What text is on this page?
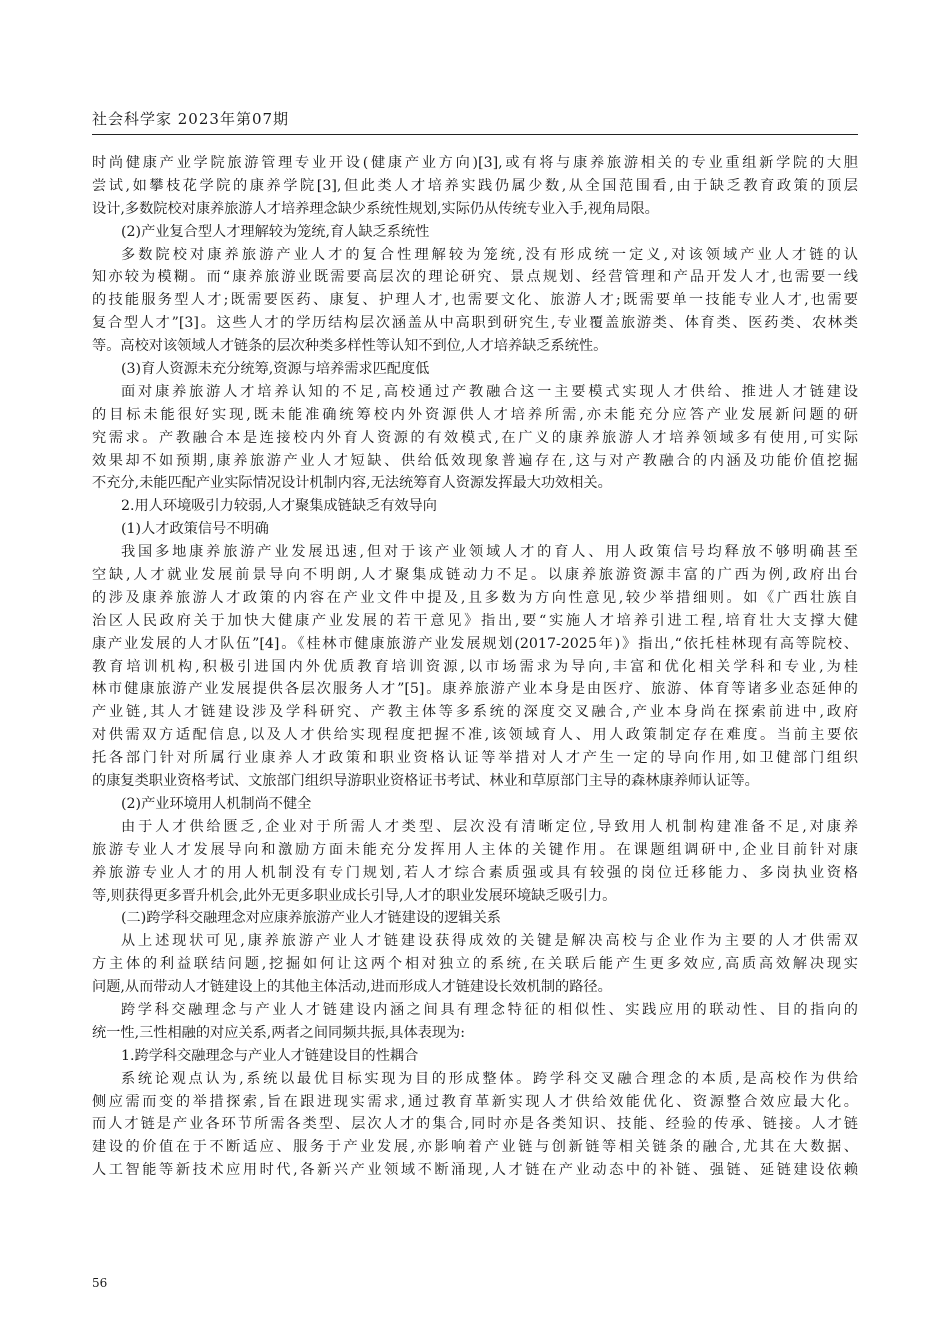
社会科学家 2023年第07期
时尚健康产业学院旅游管理专业开设(健康产业方向)[3],或有将与康养旅游相关的专业重组新学院的大胆
尝试,如攀枝花学院的康养学院[3],但此类人才培养实践仍属少数,从全国范围看,由于缺乏教育政策的顶层
设计,多数院校对康养旅游人才培养理念缺少系统性规划,实际仍从传统专业入手,视角局限。
(2)产业复合型人才理解较为笼统,育人缺乏系统性
多数院校对康养旅游产业人才的复合性理解较为笼统,没有形成统一定义,对该领域产业人才链的认
知亦较为模糊。而“康养旅游业既需要高层次的理论研究、景点规划、经营管理和产品开发人才,也需要一线
的技能服务型人才;既需要医药、康复、护理人才,也需要文化、旅游人才;既需要单一技能专业人才,也需要
复合型人才”[3]。这些人才的学历结构层次涵盖从中高职到研究生,专业覆盖旅游类、体育类、医药类、农林类
等。高校对该领域人才链条的层次种类多样性等认知不到位,人才培养缺乏系统性。
(3)育人资源未充分统筹,资源与培养需求匹配度低
面对康养旅游人才培养认知的不足,高校通过产教融合这一主要模式实现人才供给、推进人才链建设
的目标未能很好实现,既未能准确统筹校内外资源供人才培养所需,亦未能充分应答产业发展新问题的研
究需求。产教融合本是连接校内外育人资源的有效模式,在广义的康养旅游人才培养领域多有使用,可实际
效果却不如预期,康养旅游产业人才短缺、供给低效现象普遍存在,这与对产教融合的内涵及功能价值挖掘
不充分,未能匹配产业实际情况设计机制内容,无法统筹育人资源发挥最大功效相关。
2.用人环境吸引力较弱,人才聚集成链缺乏有效导向
(1)人才政策信号不明确
我国多地康养旅游产业发展迅速,但对于该产业领域人才的育人、用人政策信号均释放不够明确甚至
空缺,人才就业发展前景导向不明朗,人才聚集成链动力不足。以康养旅游资源丰富的广西为例,政府出台
的涉及康养旅游人才政策的内容在产业文件中提及,且多数为方向性意见,较少举措细则。如《广西壮族自
治区人民政府关于加快大健康产业发展的若干意见》指出,要“实施人才培养引进工程,培育壮大支撑大健
康产业发展的人才队伍”[4]。《桂林市健康旅游产业发展规划(2017-2025年)》指出,“依托桂林现有高等院校、
教育培训机构,积极引进国内外优质教育培训资源,以市场需求为导向,丰富和优化相关学科和专业,为桂
林市健康旅游产业发展提供各层次服务人才”[5]。康养旅游产业本身是由医疗、旅游、体育等诸多业态延伸的
产业链,其人才链建设涉及学科研究、产教主体等多系统的深度交叉融合,产业本身尚在探索前进中,政府
对供需双方适配信息,以及人才供给实现程度把握不准,该领域育人、用人政策制定存在难度。当前主要依
托各部门针对所属行业康养人才政策和职业资格认证等举措对人才产生一定的导向作用,如卫健部门组织
的康复类职业资格考试、文旅部门组织导游职业资格证书考试、林业和草原部门主导的森林康养师认证等。
(2)产业环境用人机制尚不健全
由于人才供给匮乏,企业对于所需人才类型、层次没有清晰定位,导致用人机制构建准备不足,对康养
旅游专业人才发展导向和激励方面未能充分发挥用人主体的关键作用。在课题组调研中,企业目前针对康
养旅游专业人才的用人机制没有专门规划,若人才综合素质强或具有较强的岗位迁移能力、多岗执业资格
等,则获得更多晋升机会,此外无更多职业成长引导,人才的职业发展环境缺乏吸引力。
(二)跨学科交融理念对应康养旅游产业人才链建设的逻辑关系
从上述现状可见,康养旅游产业人才链建设获得成效的关键是解决高校与企业作为主要的人才供需双
方主体的利益联结问题,挖掘如何让这两个相对独立的系统,在关联后能产生更多效应,高质高效解决现实
问题,从而带动人才链建设上的其他主体活动,进而形成人才链建设长效机制的路径。
跨学科交融理念与产业人才链建设内涵之间具有理念特征的相似性、实践应用的联动性、目的指向的
统一性,三性相融的对应关系,两者之间同频共振,具体表现为:
1.跨学科交融理念与产业人才链建设目的性耦合
系统论观点认为,系统以最优目标实现为目的形成整体。跨学科交叉融合理念的本质,是高校作为供给
侧应需而变的举措探索,旨在跟进现实需求,通过教育革新实现人才供给效能优化、资源整合效应最大化。
而人才链是产业各环节所需各类型、层次人才的集合,同时亦是各类知识、技能、经验的传承、链接。人才链
建设的价值在于不断适应、服务于产业发展,亦影响着产业链与创新链等相关链条的融合,尤其在大数据、
人工智能等新技术应用时代,各新兴产业领域不断涌现,人才链在产业动态中的补链、强链、延链建设依赖
56
